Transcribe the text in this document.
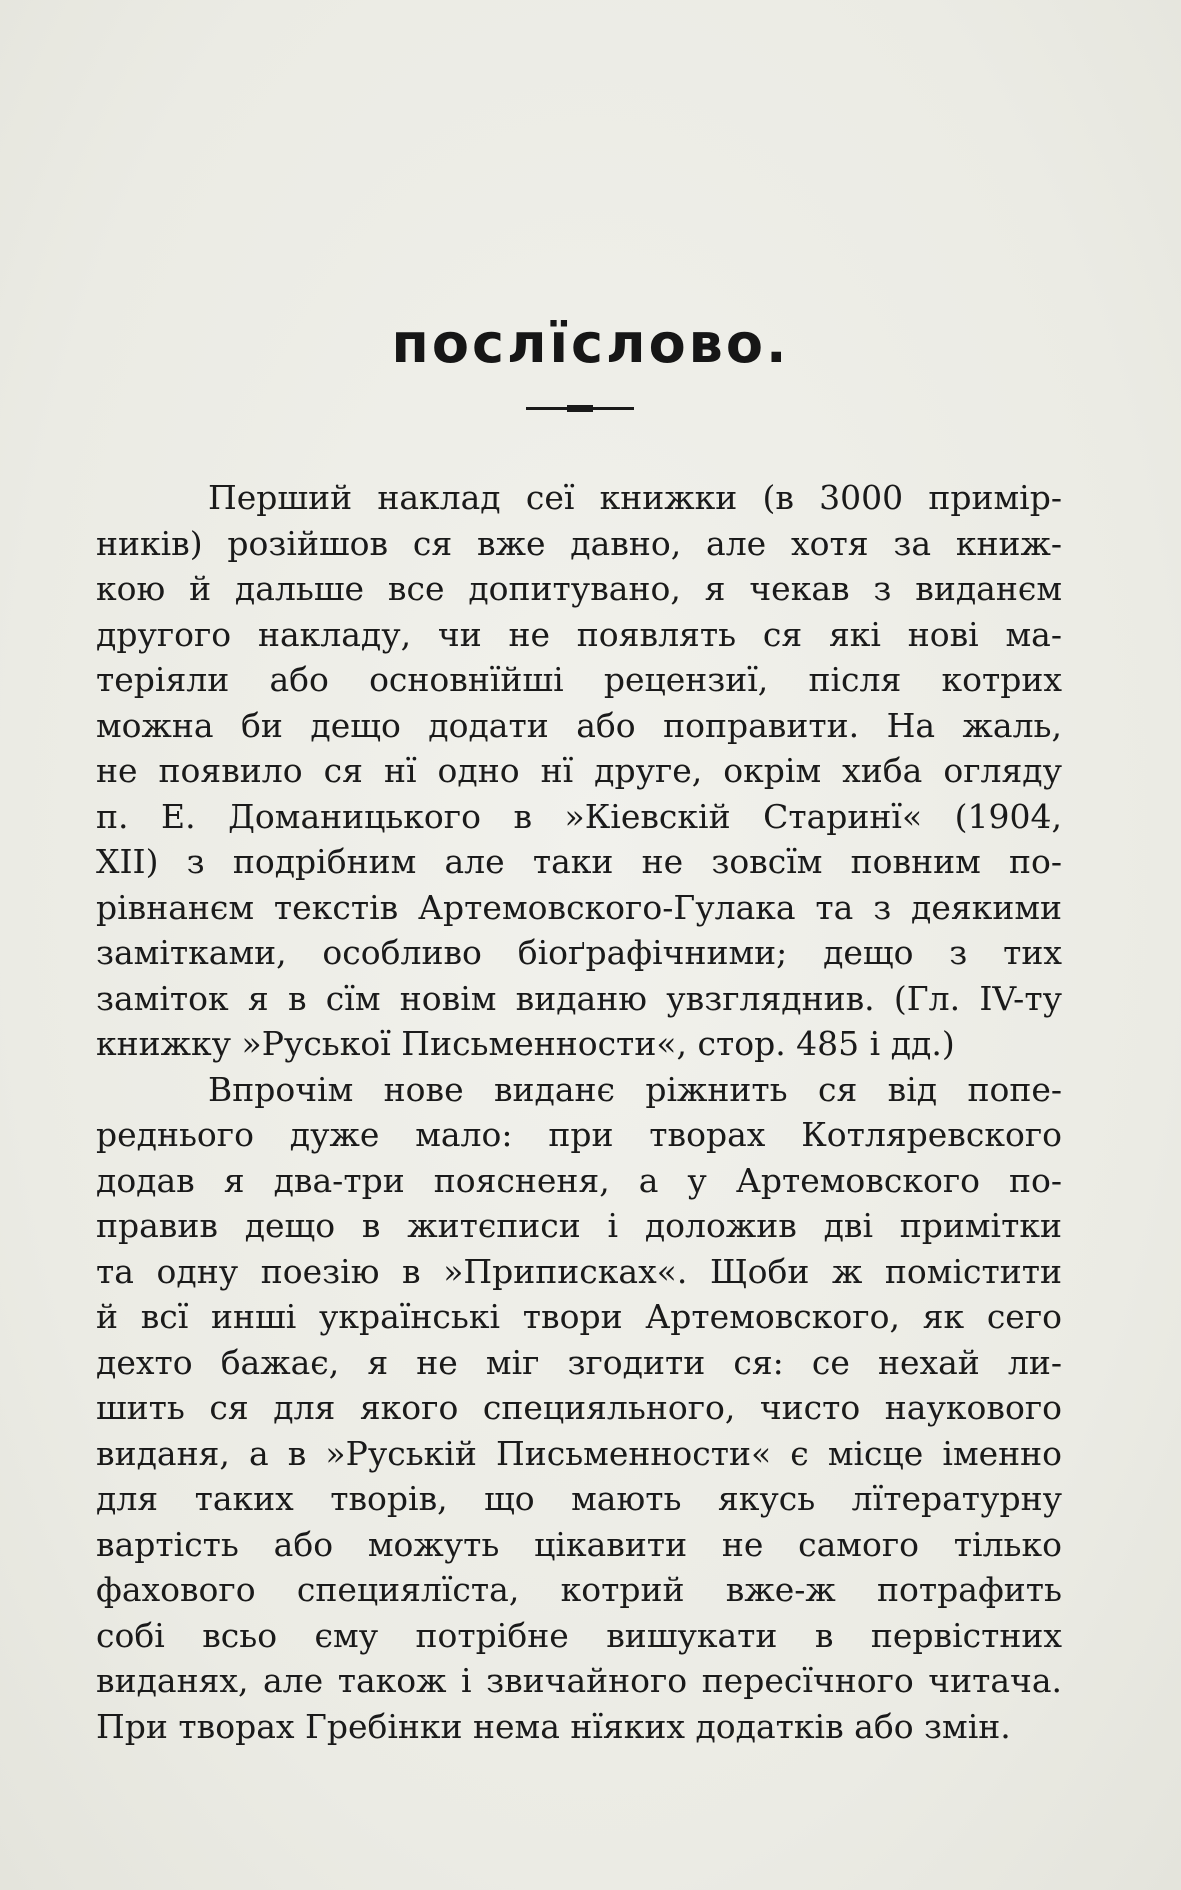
послїслово.
Перший наклад сеї книжки (в 3000 примір-
ників) розійшов ся вже давно, але хотя за книж-
кою й дальше все допитувано, я чекав з виданєм
другого накладу, чи не появлять ся які нові ма-
теріяли або основнїйші рецензиї, після котрих
можна би дещо додати або поправити. На жаль,
не появило ся нї одно нї друге, окрім хиба огляду
п. Е. Доманицького в »Кіевскій Старинї« (1904,
XII) з подрібним але таки не зовсїм повним по-
рівнанєм текстів Артемовского-Гулака та з деякими
замітками, особливо біоґрафічними; дещо з тих
заміток я в сїм новім виданю увзгляднив. (Гл. IV-ту
книжку »Руської Письменности«, стор. 485 і дд.)
Впрочім нове виданє ріжнить ся від попе-
реднього дуже мало: при творах Котляревского
додав я два-три поясненя, а у Артемовского по-
правив дещо в житєписи і доложив дві примітки
та одну поезію в »Приписках«. Щоби ж помістити
й всї инші українські твори Артемовского, як сего
дехто бажає, я не міг згодити ся: се нехай ли-
шить ся для якого специяльного, чисто наукового
виданя, а в »Руській Письменности« є місце іменно
для таких творів, що мають якусь лїтературну
вартість або можуть цікавити не самого тілько
фахового специялїста, котрий вже-ж потрафить
собі всьо єму потрібне вишукати в первістних
виданях, але також і звичайного пересїчного читача.
При творах Гребінки нема нїяких додатків або змін.
